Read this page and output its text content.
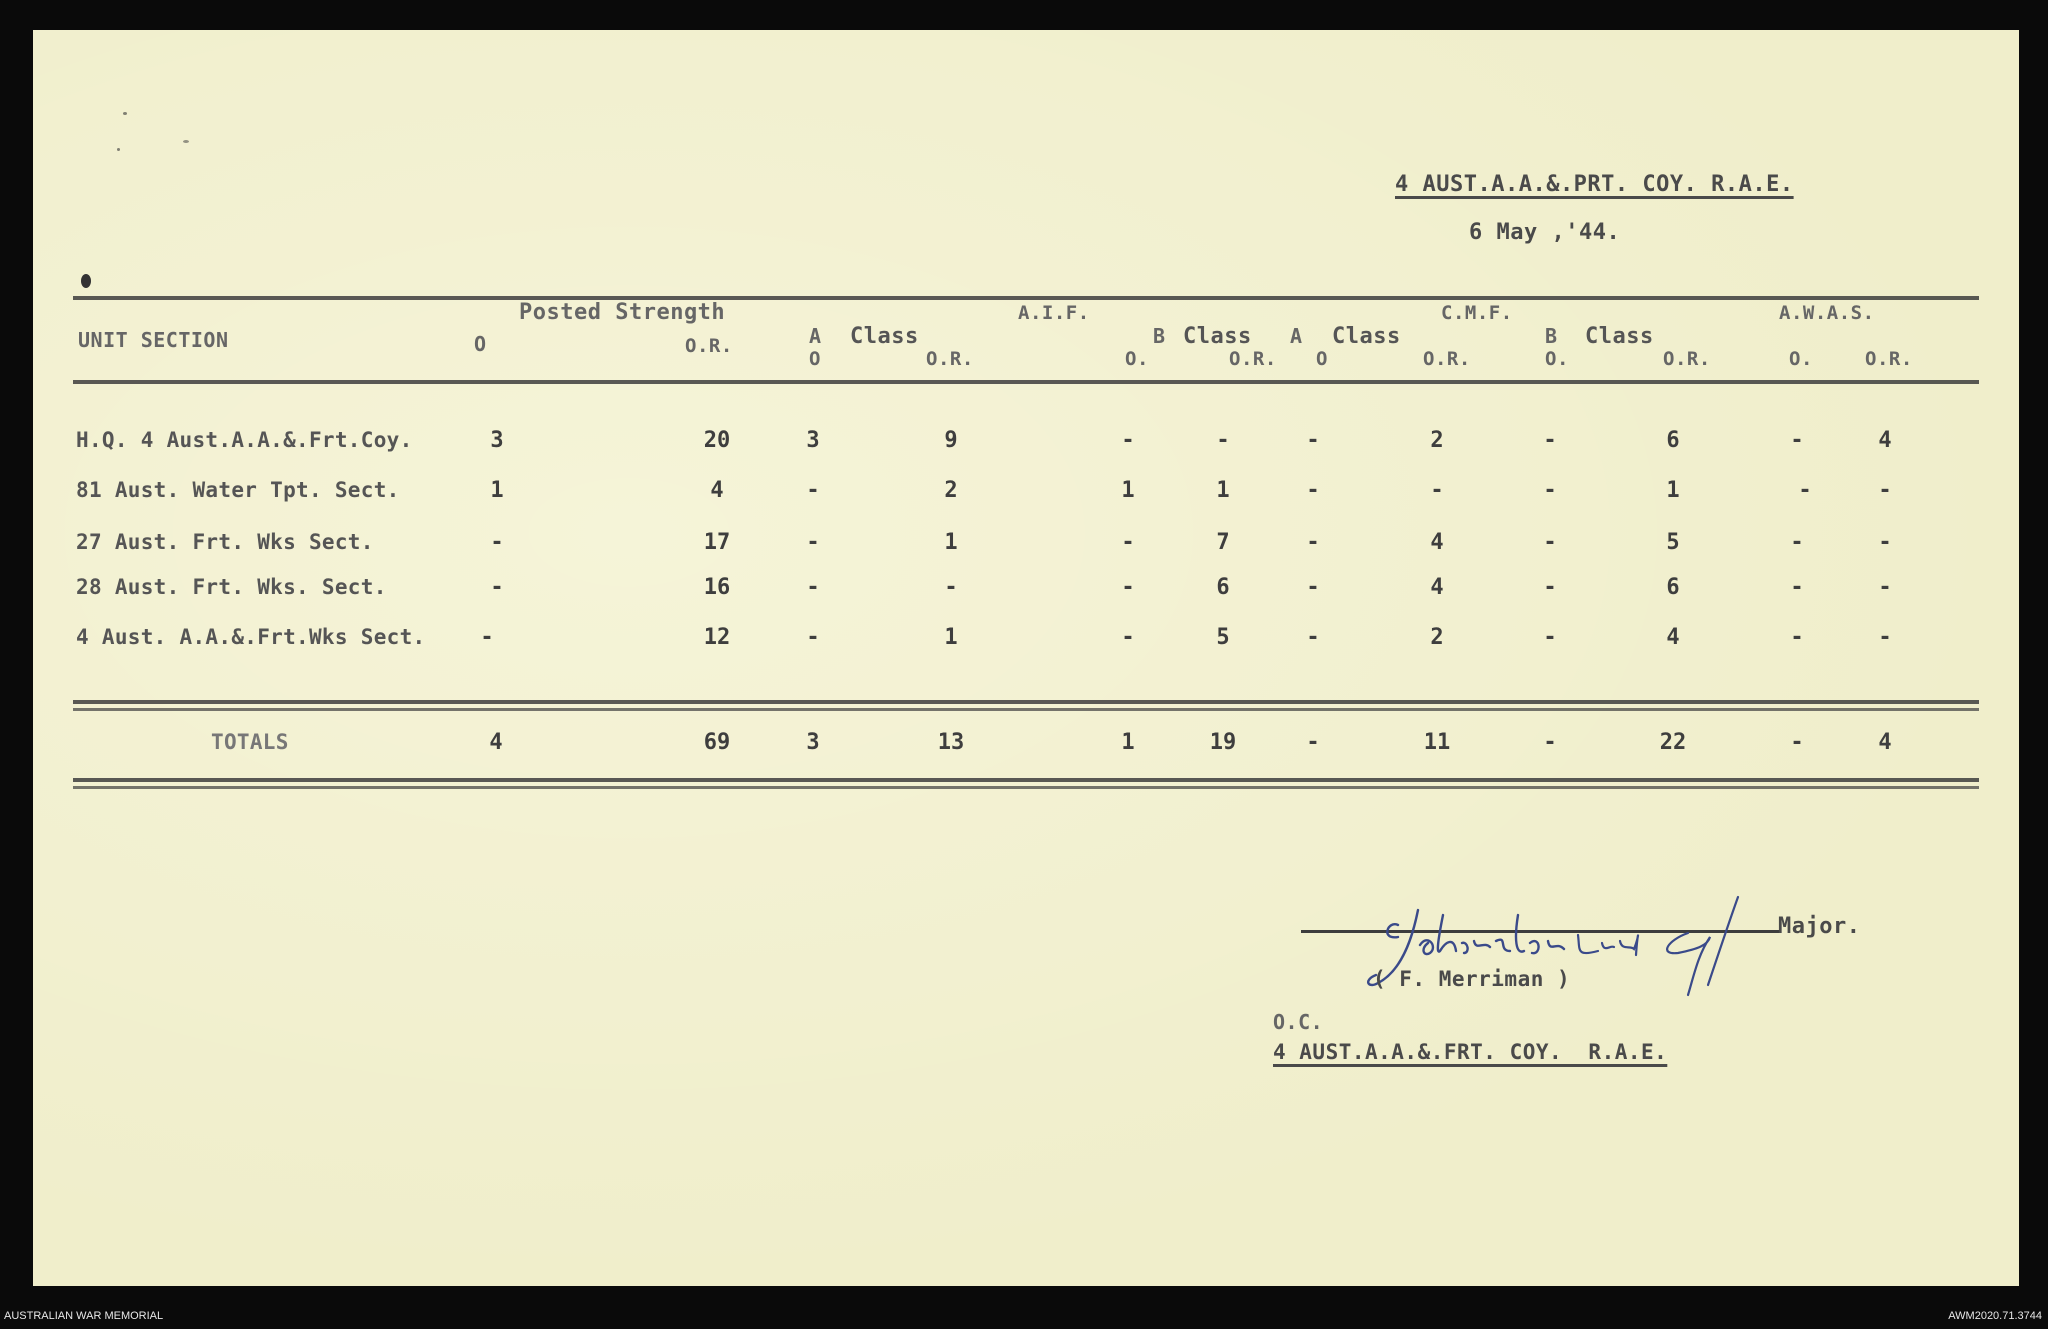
4 AUST.A.A.&.PRT. COY. R.A.E.
6 May ,'44.
UNIT SECTION	O
Posted Strength
O.R.
A.I.F.
A Class
O	O.R.
B Class
O.	O.R.
C.M.F.
A Class
O	O.R.
B Class
O.	O.R.
A.W.A.S.
O.	O.R.
H.Q. 4 Aust.A.A.&.Frt.Coy.	3	20	3	9	-	-	-	2	-	6	-	4
81 Aust. Water Tpt. Sect.	1	4	-	2	1	1	-	-	-	1	-	-
27 Aust. Frt. Wks Sect.	-	17	-	1	-	7	-	4	-	5	-	-
28 Aust. Frt. Wks. Sect.	-	16	-	-	-	6	-	4	-	6	-	-
4 Aust. A.A.&.Frt.Wks Sect.	-	12	-	1	-	5	-	2	-	4	-	-
TOTALS	4	69	3	13	1	19	-	11	-	22	-	4
Major.
( F. Merriman )
O.C.
4 AUST.A.A.&.FRT. COY.  R.A.E.
AUSTRALIAN WAR MEMORIAL	AWM2020.71.3744
